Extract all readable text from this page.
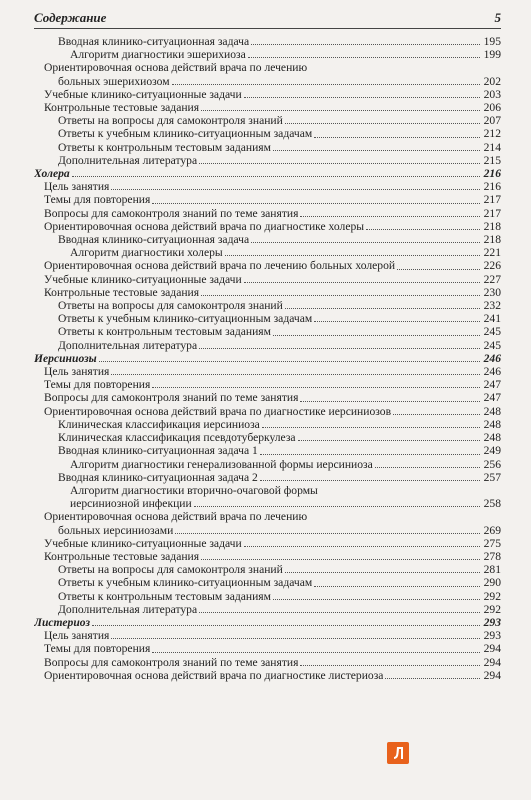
Содержание	5
Вводная клинико-ситуационная задача	195
Алгоритм диагностики эшерихиоза	199
Ориентировочная основа действий врача по лечению
больных эшерихиозом	202
Учебные клинико-ситуационные задачи	203
Контрольные тестовые задания	206
Ответы на вопросы для самоконтроля знаний	207
Ответы к учебным клинико-ситуационным задачам	212
Ответы к контрольным тестовым заданиям	214
Дополнительная литература	215
Холера	216
Цель занятия	216
Темы для повторения	217
Вопросы для самоконтроля знаний по теме занятия	217
Ориентировочная основа действий врача по диагностике холеры	218
Вводная клинико-ситуационная задача	218
Алгоритм диагностики холеры	221
Ориентировочная основа действий врача по лечению больных холерой	226
Учебные клинико-ситуационные задачи	227
Контрольные тестовые задания	230
Ответы на вопросы для самоконтроля знаний	232
Ответы к учебным клинико-ситуационным задачам	241
Ответы к контрольным тестовым заданиям	245
Дополнительная литература	245
Иерсиниозы	246
Цель занятия	246
Темы для повторения	247
Вопросы для самоконтроля знаний по теме занятия	247
Ориентировочная основа действий врача по диагностике иерсиниозов	248
Клиническая классификация иерсиниоза	248
Клиническая классификация псевдотуберкулеза	248
Вводная клинико-ситуационная задача 1	249
Алгоритм диагностики генерализованной формы иерсиниоза	256
Вводная клинико-ситуационная задача 2	257
Алгоритм диагностики вторично-очаговой формы
иерсиниозной инфекции	258
Ориентировочная основа действий врача по лечению
больных иерсиниозами	269
Учебные клинико-ситуационные задачи	275
Контрольные тестовые задания	278
Ответы на вопросы для самоконтроля знаний	281
Ответы к учебным клинико-ситуационным задачам	290
Ответы к контрольным тестовым заданиям	292
Дополнительная литература	292
Листериоз	293
Цель занятия	293
Темы для повторения	294
Вопросы для самоконтроля знаний по теме занятия	294
Ориентировочная основа действий врача по диагностике листериоза	294
